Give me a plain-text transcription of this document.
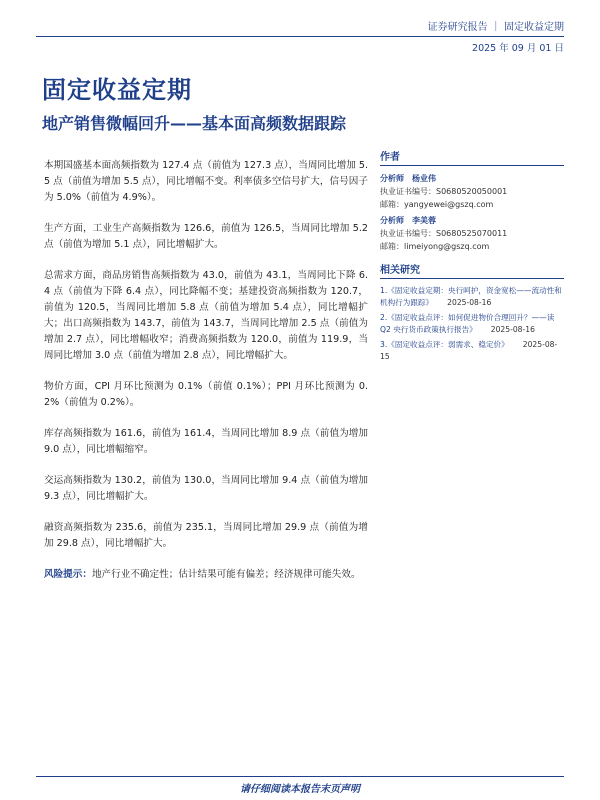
证券研究报告 ｜ 固定收益定期
2025 年 09 月 01 日
固定收益定期
地产销售微幅回升——基本面高频数据跟踪

本期国盛基本面高频指数为 127.4 点（前值为 127.3 点），当周同比增加 5.5 点（前值为增加 5.5 点），同比增幅不变。利率债多空信号扩大，信号因子为 5.0%（前值为 4.9%）。

生产方面，工业生产高频指数为 126.6，前值为 126.5，当周同比增加 5.2 点（前值为增加 5.1 点），同比增幅扩大。

总需求方面，商品房销售高频指数为 43.0，前值为 43.1，当周同比下降 6.4 点（前值为下降 6.4 点），同比降幅不变；基建投资高频指数为 120.7，前值为 120.5，当周同比增加 5.8 点（前值为增加 5.4 点），同比增幅扩大；出口高频指数为 143.7，前值为 143.7，当周同比增加 2.5 点（前值为增加 2.7 点），同比增幅收窄；消费高频指数为 120.0，前值为 119.9，当周同比增加 3.0 点（前值为增加 2.8 点），同比增幅扩大。

物价方面，CPI 月环比预测为 0.1%（前值 0.1%）；PPI 月环比预测为 0.2%（前值为 0.2%）。

库存高频指数为 161.6，前值为 161.4，当周同比增加 8.9 点（前值为增加 9.0 点），同比增幅缩窄。

交运高频指数为 130.2，前值为 130.0，当周同比增加 9.4 点（前值为增加 9.3 点），同比增幅扩大。

融资高频指数为 235.6，前值为 235.1，当周同比增加 29.9 点（前值为增加 29.8 点），同比增幅扩大。

风险提示：地产行业不确定性；估计结果可能有偏差；经济规律可能失效。
作者
分析师 杨业伟
执业证书编号：S0680520050001
邮箱：yangyewei@gszq.com
分析师 李美蓉
执业证书编号：S0680525070011
邮箱：limeiyong@gszq.com
相关研究
1.《固定收益定期：央行呵护，资金宽松——流动性和机构行为跟踪》 2025-08-16
2.《固定收益点评：如何促进物价合理回升？——读 Q2 央行货币政策执行报告》 2025-08-16
3.《固定收益点评：弱需求、稳定价》 2025-08-15
请仔细阅读本报告末页声明
